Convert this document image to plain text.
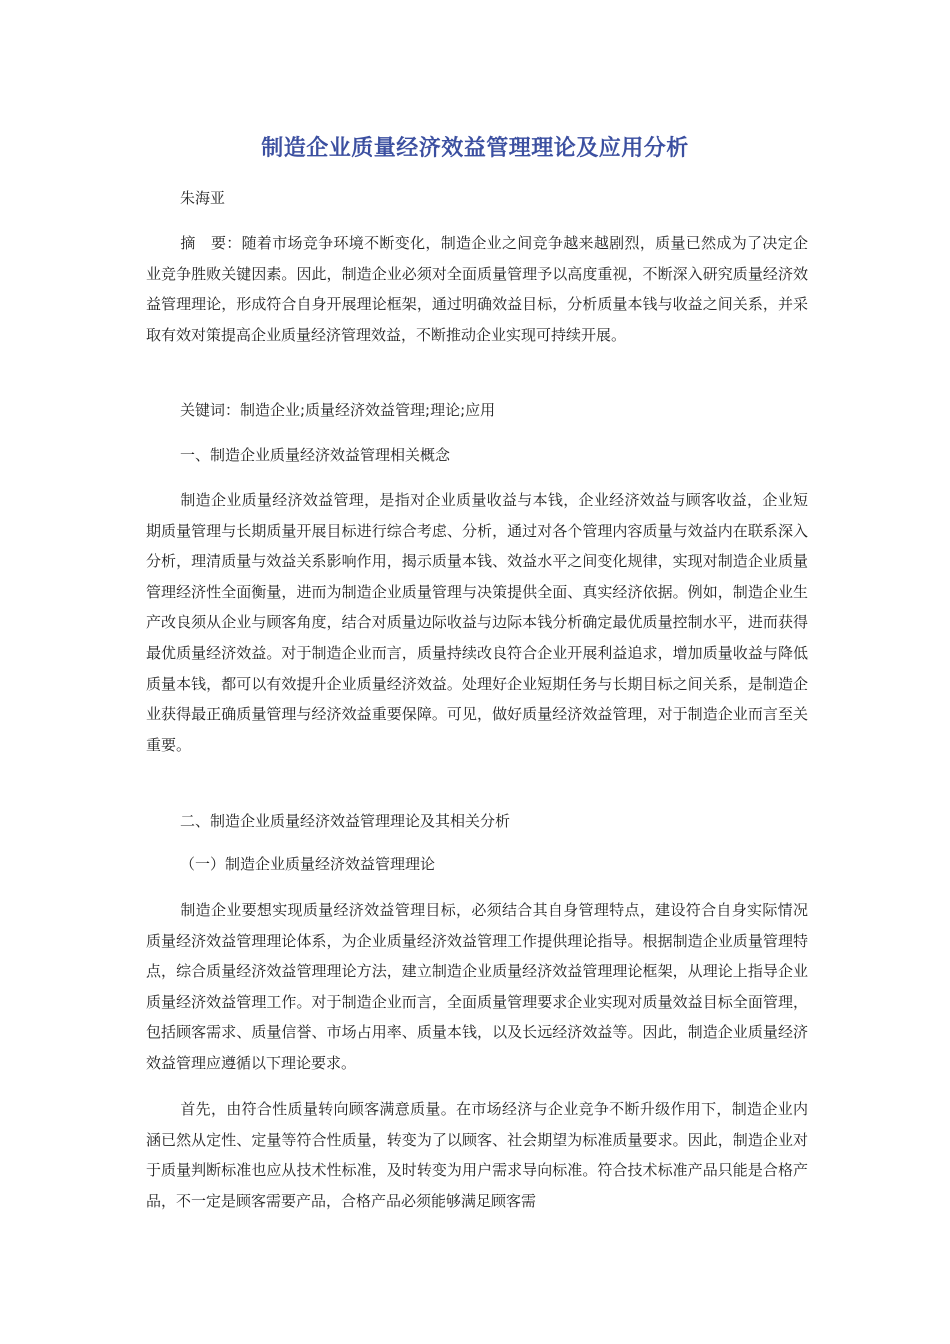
制造企业质量经济效益管理理论及应用分析
朱海亚
摘　要：随着市场竞争环境不断变化，制造企业之间竞争越来越剧烈，质量已然成为了决定企业竞争胜败关键因素。因此，制造企业必须对全面质量管理予以高度重视，不断深入研究质量经济效益管理理论，形成符合自身开展理论框架，通过明确效益目标，分析质量本钱与收益之间关系，并采取有效对策提高企业质量经济管理效益，不断推动企业实现可持续开展。
关键词：制造企业;质量经济效益管理;理论;应用
一、制造企业质量经济效益管理相关概念
制造企业质量经济效益管理，是指对企业质量收益与本钱，企业经济效益与顾客收益，企业短期质量管理与长期质量开展目标进行综合考虑、分析，通过对各个管理内容质量与效益内在联系深入分析，理清质量与效益关系影响作用，揭示质量本钱、效益水平之间变化规律，实现对制造企业质量管理经济性全面衡量，进而为制造企业质量管理与决策提供全面、真实经济依据。例如，制造企业生产改良须从企业与顾客角度，结合对质量边际收益与边际本钱分析确定最优质量控制水平，进而获得最优质量经济效益。对于制造企业而言，质量持续改良符合企业开展利益追求，增加质量收益与降低质量本钱，都可以有效提升企业质量经济效益。处理好企业短期任务与长期目标之间关系，是制造企业获得最正确质量管理与经济效益重要保障。可见，做好质量经济效益管理，对于制造企业而言至关重要。
二、制造企业质量经济效益管理理论及其相关分析
（一）制造企业质量经济效益管理理论
制造企业要想实现质量经济效益管理目标，必须结合其自身管理特点，建设符合自身实际情况质量经济效益管理理论体系，为企业质量经济效益管理工作提供理论指导。根据制造企业质量管理特点，综合质量经济效益管理理论方法，建立制造企业质量经济效益管理理论框架，从理论上指导企业质量经济效益管理工作。对于制造企业而言，全面质量管理要求企业实现对质量效益目标全面管理，包括顾客需求、质量信誉、市场占用率、质量本钱，以及长远经济效益等。因此，制造企业质量经济效益管理应遵循以下理论要求。
首先，由符合性质量转向顾客满意质量。在市场经济与企业竞争不断升级作用下，制造企业内涵已然从定性、定量等符合性质量，转变为了以顾客、社会期望为标准质量要求。因此，制造企业对于质量判断标准也应从技术性标准，及时转变为用户需求导向标准。符合技术标准产品只能是合格产品，不一定是顾客需要产品，合格产品必须能够满足顾客需
